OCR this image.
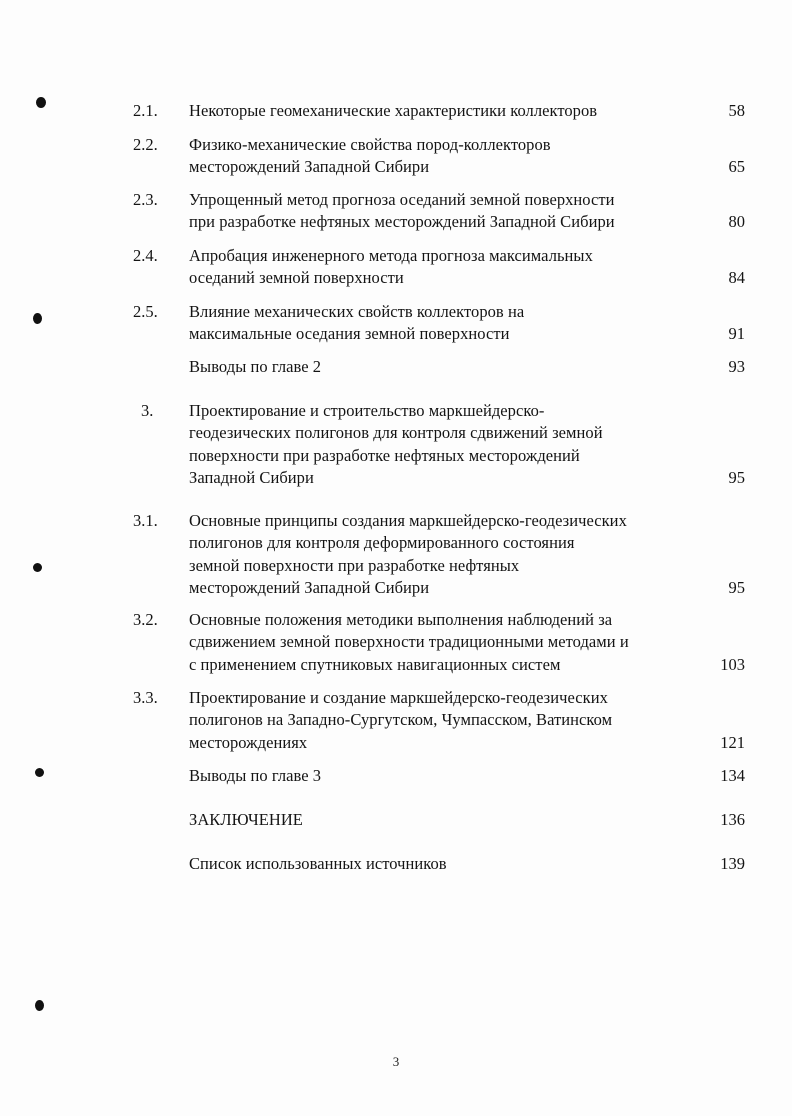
2.1.	Некоторые геомеханические характеристики коллекторов	58
2.2.	Физико-механические свойства пород-коллекторов
месторождений Западной Сибири	65
2.3.	Упрощенный метод прогноза оседаний земной поверхности
при разработке нефтяных месторождений Западной Сибири	80
2.4.	Апробация инженерного метода прогноза максимальных
оседаний земной поверхности	84
2.5.	Влияние механических свойств коллекторов на
максимальные оседания земной поверхности	91
Выводы по главе 2	93
3.	Проектирование и строительство маркшейдерско-
геодезических полигонов для контроля сдвижений земной
поверхности при разработке нефтяных месторождений
Западной Сибири	95
3.1.	Основные принципы создания маркшейдерско-геодезических
полигонов для контроля деформированного состояния
земной поверхности при разработке нефтяных
месторождений Западной Сибири	95
3.2.	Основные положения методики выполнения наблюдений за
сдвижением земной поверхности традиционными методами и
с применением спутниковых навигационных систем	103
3.3.	Проектирование и создание маркшейдерско-геодезических
полигонов на Западно-Сургутском, Чумпасском, Ватинском
месторождениях	121
Выводы по главе 3	134
ЗАКЛЮЧЕНИЕ	136
Список использованных источников	139
3
